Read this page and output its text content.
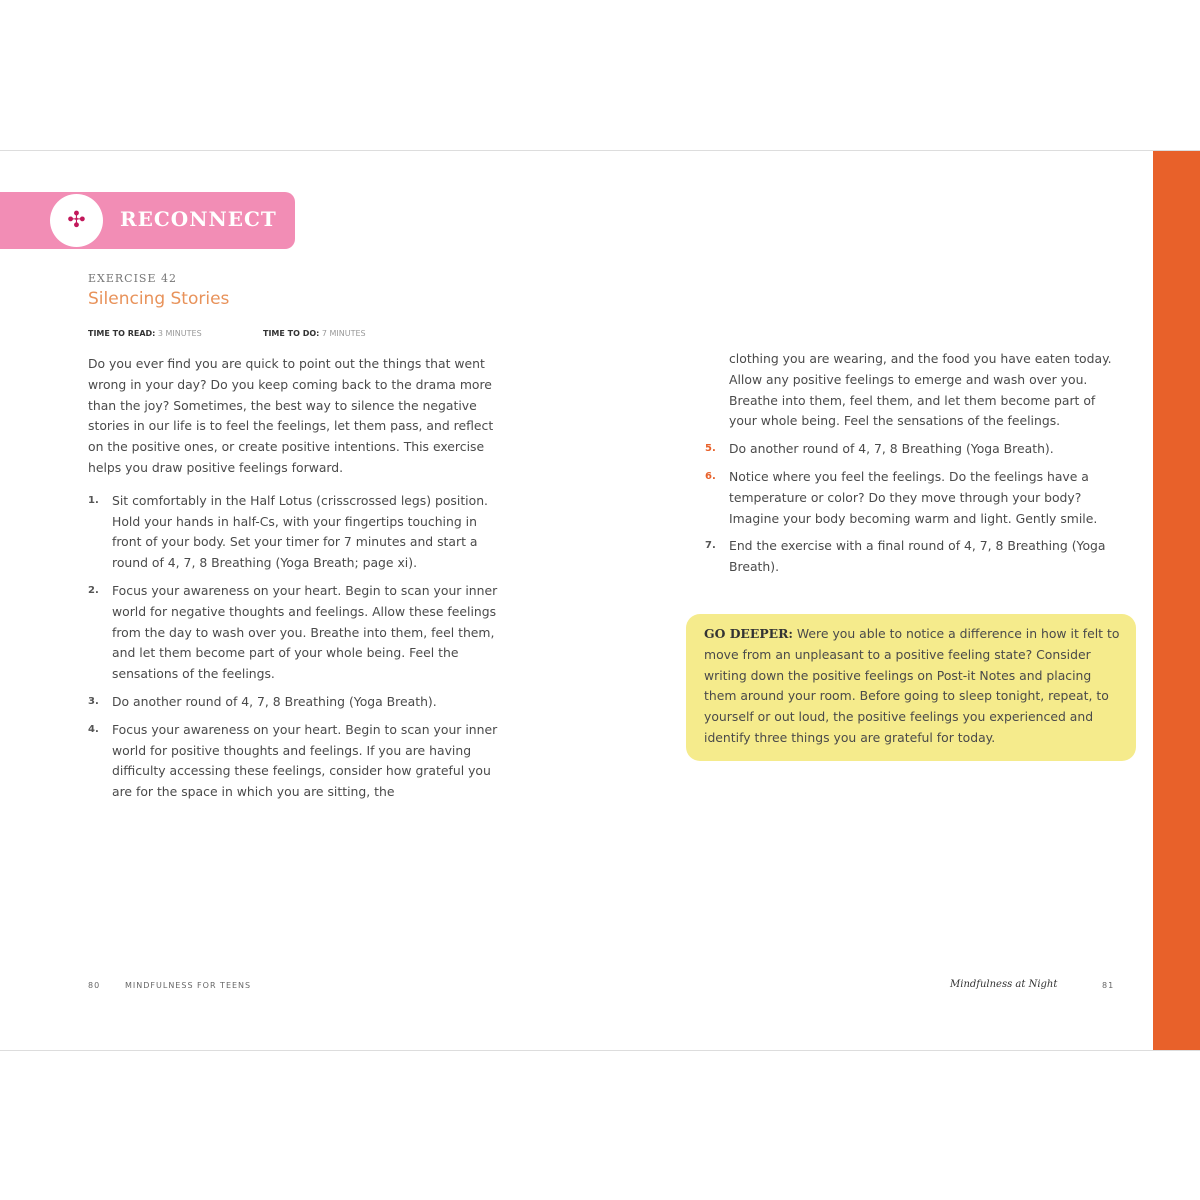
✣	RECONNECT
EXERCISE 42
Silencing Stories
TIME TO READ: 3 MINUTES	TIME TO DO: 7 MINUTES

Do you ever find you are quick to point out the things that went wrong in your day? Do you keep coming back to the drama more than the joy? Sometimes, the best way to silence the negative stories in our life is to feel the feelings, let them pass, and reflect on the positive ones, or create positive intentions. This exercise helps you draw positive feelings forward.

1. Sit comfortably in the Half Lotus (crisscrossed legs) position. Hold your hands in half-Cs, with your fingertips touching in front of your body. Set your timer for 7 minutes and start a round of 4, 7, 8 Breathing (Yoga Breath; page xi).
2. Focus your awareness on your heart. Begin to scan your inner world for negative thoughts and feelings. Allow these feelings from the day to wash over you. Breathe into them, feel them, and let them become part of your whole being. Feel the sensations of the feelings.
3. Do another round of 4, 7, 8 Breathing (Yoga Breath).
4. Focus your awareness on your heart. Begin to scan your inner world for positive thoughts and feelings. If you are having difficulty accessing these feelings, consider how grateful you are for the space in which you are sitting, the
clothing you are wearing, and the food you have eaten today. Allow any positive feelings to emerge and wash over you. Breathe into them, feel them, and let them become part of your whole being. Feel the sensations of the feelings.
5. Do another round of 4, 7, 8 Breathing (Yoga Breath).
6. Notice where you feel the feelings. Do the feelings have a temperature or color? Do they move through your body? Imagine your body becoming warm and light. Gently smile.
7. End the exercise with a final round of 4, 7, 8 Breathing (Yoga Breath).
GO DEEPER: Were you able to notice a difference in how it felt to move from an unpleasant to a positive feeling state? Consider writing down the positive feelings on Post-it Notes and placing them around your room. Before going to sleep tonight, repeat, to yourself or out loud, the positive feelings you experienced and identify three things you are grateful for today.
80	MINDFULNESS FOR TEENS	Mindfulness at Night	81
